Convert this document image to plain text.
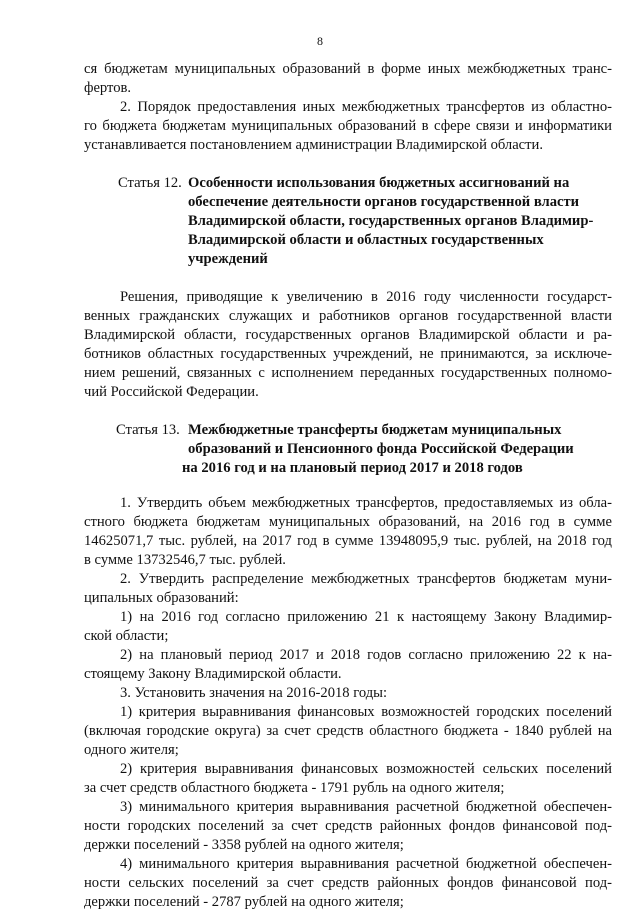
8

ся бюджетам муниципальных образований в форме иных межбюджетных транс-

фертов.

2. Порядок предоставления иных межбюджетных трансфертов из областно-

го бюджета бюджетам муниципальных образований в сфере связи и информатики

устанавливается постановлением администрации Владимирской области.

Статья 12. Особенности использования бюджетных ассигнований на
обеспечение деятельности органов государственной власти
Владимирской области, государственных органов Владимир-
Владимирской области и областных государственных
учреждений

Решения, приводящие к увеличению в 2016 году численности государст-

венных гражданских служащих и работников органов государственной власти

Владимирской области, государственных органов Владимирской области и ра-

ботников областных государственных учреждений, не принимаются, за исключе-

нием решений, связанных с исполнением переданных государственных полномо-

чий Российской Федерации.

Статья 13. Межбюджетные трансферты бюджетам муниципальных
образований и Пенсионного фонда Российской Федерации
на 2016 год и на плановый период 2017 и 2018 годов

1. Утвердить объем межбюджетных трансфертов, предоставляемых из обла-

стного бюджета бюджетам муниципальных образований, на 2016 год в сумме

14625071,7 тыс. рублей, на 2017 год в сумме 13948095,9 тыс. рублей, на 2018 год

в сумме 13732546,7 тыс. рублей.

2. Утвердить распределение межбюджетных трансфертов бюджетам муни-

ципальных образований:

1) на 2016 год согласно приложению 21 к настоящему Закону Владимир-

ской области;

2) на плановый период 2017 и 2018 годов согласно приложению 22 к на-

стоящему Закону Владимирской области.

3. Установить значения на 2016-2018 годы:

1) критерия выравнивания финансовых возможностей городских поселений

(включая городские округа) за счет средств областного бюджета - 1840 рублей на

одного жителя;

2) критерия выравнивания финансовых возможностей сельских поселений

за счет средств областного бюджета - 1791 рубль на одного жителя;

3) минимального критерия выравнивания расчетной бюджетной обеспечен-

ности городских поселений за счет средств районных фондов финансовой под-

держки поселений - 3358 рублей на одного жителя;

4) минимального критерия выравнивания расчетной бюджетной обеспечен-

ности сельских поселений за счет средств районных фондов финансовой под-

держки поселений - 2787 рублей на одного жителя;
